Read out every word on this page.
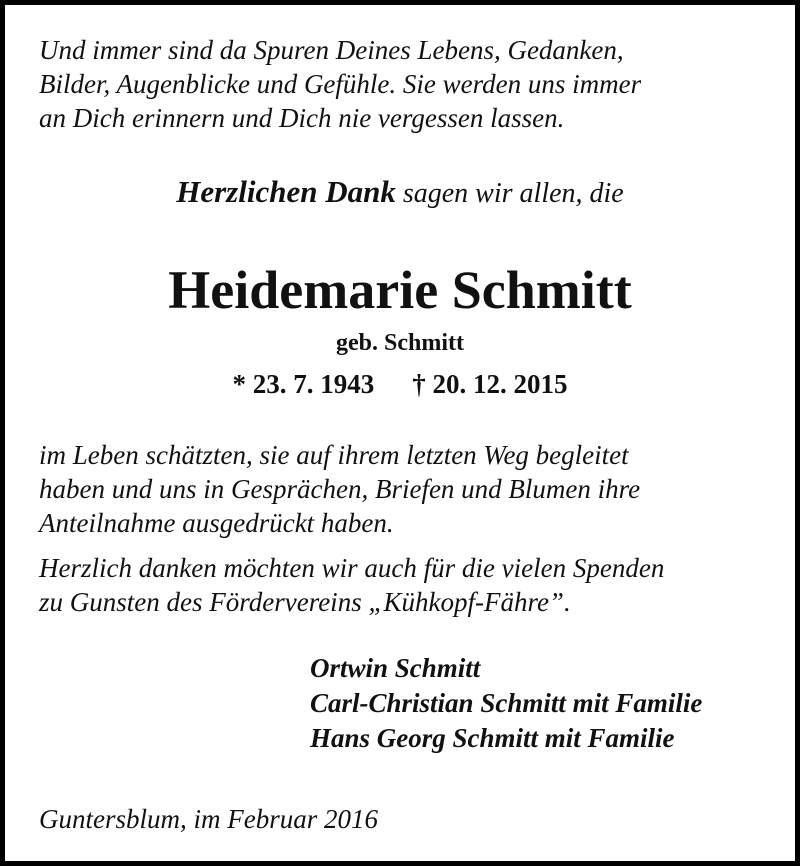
Und immer sind da Spuren Deines Lebens, Gedanken,
Bilder, Augenblicke und Gefühle. Sie werden uns immer
an Dich erinnern und Dich nie vergessen lassen.

Herzlichen Dank sagen wir allen, die
Heidemarie Schmitt
geb. Schmitt
* 23. 7. 1943 † 20. 12. 2015

im Leben schätzten, sie auf ihrem letzten Weg begleitet
haben und uns in Gesprächen, Briefen und Blumen ihre
Anteilnahme ausgedrückt haben.

Herzlich danken möchten wir auch für die vielen Spenden
zu Gunsten des Fördervereins „Kühkopf-Fähre”.

Ortwin Schmitt
Carl-Christian Schmitt mit Familie
Hans Georg Schmitt mit Familie
Guntersblum, im Februar 2016
